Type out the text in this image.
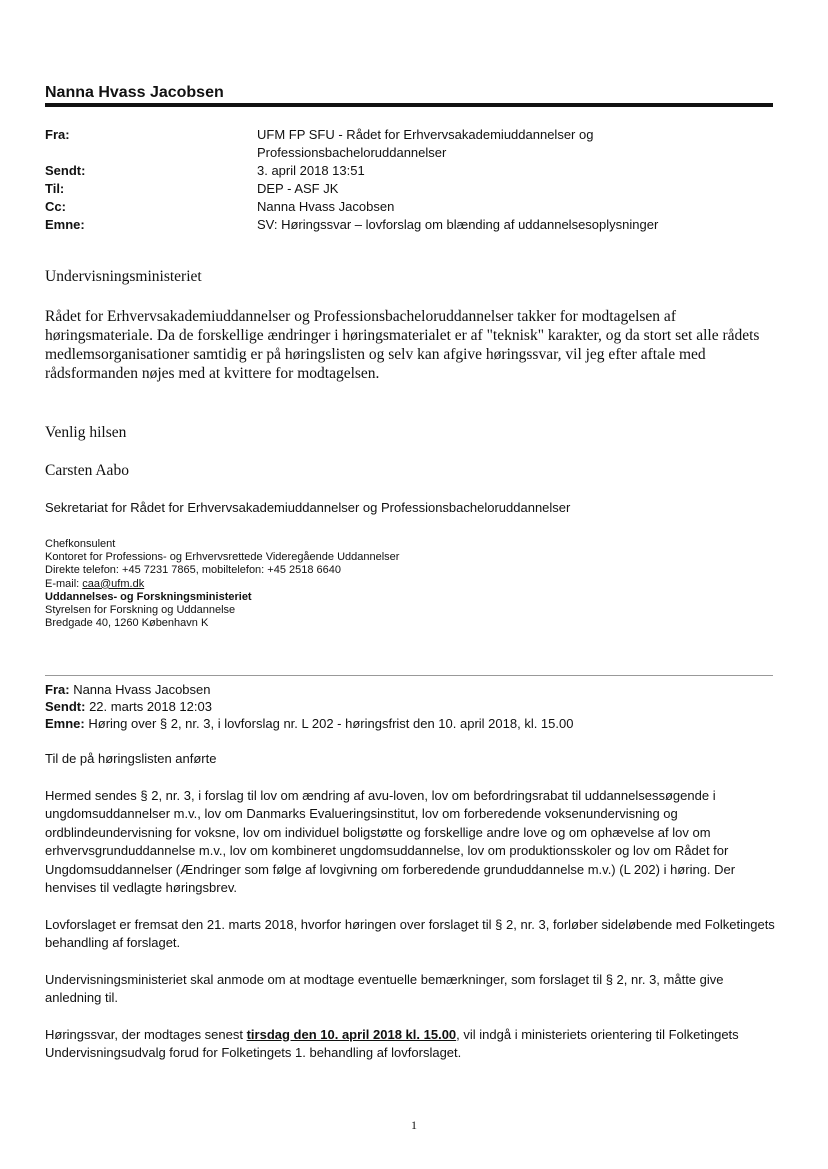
Nanna Hvass Jacobsen
Fra:	UFM FP SFU - Rådet for Erhvervsakademiuddannelser og Professionsbacheloruddannelser
Sendt:	3. april 2018 13:51
Til:	DEP - ASF JK
Cc:	Nanna Hvass Jacobsen
Emne:	SV: Høringssvar – lovforslag om blænding af uddannelsesoplysninger
Undervisningsministeriet
Rådet for Erhvervsakademiuddannelser og Professionsbacheloruddannelser takker for modtagelsen af høringsmateriale. Da de forskellige ændringer i høringsmaterialet er af "teknisk" karakter, og da stort set alle rådets medlemsorganisationer samtidig er på høringslisten og selv kan afgive høringssvar, vil jeg efter aftale med rådsformanden nøjes med at kvittere for modtagelsen.
Venlig hilsen
Carsten Aabo
Sekretariat for Rådet for Erhvervsakademiuddannelser og Professionsbacheloruddannelser
Chefkonsulent
Kontoret for Professions- og Erhvervsrettede Videregående Uddannelser
Direkte telefon: +45 7231 7865, mobiltelefon: +45 2518 6640
E-mail: caa@ufm.dk
Uddannelses- og Forskningsministeriet
Styrelsen for Forskning og Uddannelse
Bredgade 40, 1260 København K
Fra: Nanna Hvass Jacobsen
Sendt: 22. marts 2018 12:03
Emne: Høring over § 2, nr. 3, i lovforslag nr. L 202 - høringsfrist den 10. april 2018, kl. 15.00

Til de på høringslisten anførte

Hermed sendes § 2, nr. 3, i forslag til lov om ændring af avu-loven, lov om befordringsrabat til uddannelsessøgende i ungdomsuddannelser m.v., lov om Danmarks Evalueringsinstitut, lov om forberedende voksenundervisning og ordblindeundervisning for voksne, lov om individuel boligstøtte og forskellige andre love og om ophævelse af lov om erhvervsgrunduddannelse m.v., lov om kombineret ungdomsuddannelse, lov om produktionsskoler og lov om Rådet for Ungdomsuddannelser (Ændringer som følge af lovgivning om forberedende grunduddannelse m.v.) (L 202) i høring. Der henvises til vedlagte høringsbrev.

Lovforslaget er fremsat den 21. marts 2018, hvorfor høringen over forslaget til § 2, nr. 3, forløber sideløbende med Folketingets behandling af forslaget.

Undervisningsministeriet skal anmode om at modtage eventuelle bemærkninger, som forslaget til § 2, nr. 3, måtte give anledning til.

Høringssvar, der modtages senest tirsdag den 10. april 2018 kl. 15.00, vil indgå i ministeriets orientering til Folketingets Undervisningsudvalg forud for Folketingets 1. behandling af lovforslaget.

1
